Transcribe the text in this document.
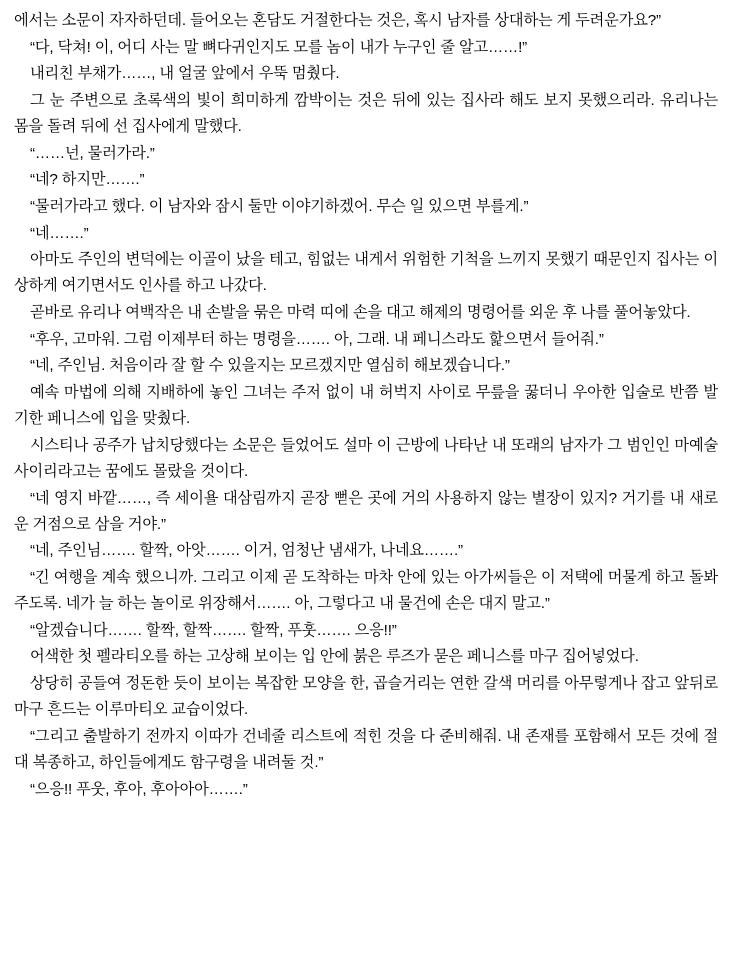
에서는 소문이 자자하던데. 들어오는 혼담도 거절한다는 것은, 혹시 남자를 상대하는 게 두려운가요?”

“다, 닥쳐! 이, 어디 사는 말 뼈다귀인지도 모를 놈이 내가 누구인 줄 알고……!”

내리친 부채가……, 내 얼굴 앞에서 우뚝 멈췄다.

그 눈 주변으로 초록색의 빛이 희미하게 깜박이는 것은 뒤에 있는 집사라 해도 보지 못했으리라. 유리나는 몸을 돌려 뒤에 선 집사에게 말했다.

“……넌, 물러가라.”

“네? 하지만…….”

“물러가라고 했다. 이 남자와 잠시 둘만 이야기하겠어. 무슨 일 있으면 부를게.”

“네…….”

아마도 주인의 변덕에는 이골이 났을 테고, 힘없는 내게서 위험한 기척을 느끼지 못했기 때문인지 집사는 이상하게 여기면서도 인사를 하고 나갔다.

곧바로 유리나 여백작은 내 손발을 묶은 마력 띠에 손을 대고 해제의 명령어를 외운 후 나를 풀어놓았다.

“후우, 고마워. 그럼 이제부터 하는 명령을……. 아, 그래. 내 페니스라도 핥으면서 들어줘.”

“네, 주인님. 처음이라 잘 할 수 있을지는 모르겠지만 열심히 해보겠습니다.”

예속 마법에 의해 지배하에 놓인 그녀는 주저 없이 내 허벅지 사이로 무릎을 꿇더니 우아한 입술로 반쯤 발기한 페니스에 입을 맞췄다.

시스티나 공주가 납치당했다는 소문은 들었어도 설마 이 근방에 나타난 내 또래의 남자가 그 범인인 마예술사이리라고는 꿈에도 몰랐을 것이다.

“네 영지 바깥……, 즉 세이욜 대삼림까지 곧장 뻗은 곳에 거의 사용하지 않는 별장이 있지? 거기를 내 새로운 거점으로 삼을 거야.”

“네, 주인님……. 할짝, 아앗……. 이거, 엄청난 냄새가, 나네요…….”

“긴 여행을 계속 했으니까. 그리고 이제 곧 도착하는 마차 안에 있는 아가씨들은 이 저택에 머물게 하고 돌봐주도록. 네가 늘 하는 놀이로 위장해서……. 아, 그렇다고 내 물건에 손은 대지 말고.”

“알겠습니다……. 할짝, 할짝……. 할짝, 푸훗……. 으응!!”

어색한 첫 펠라티오를 하는 고상해 보이는 입 안에 붉은 루즈가 묻은 페니스를 마구 집어넣었다.

상당히 공들여 정돈한 듯이 보이는 복잡한 모양을 한, 곱슬거리는 연한 갈색 머리를 아무렇게나 잡고 앞뒤로 마구 흔드는 이루마티오 교습이었다.

“그리고 출발하기 전까지 이따가 건네줄 리스트에 적힌 것을 다 준비해줘. 내 존재를 포함해서 모든 것에 절대 복종하고, 하인들에게도 함구령을 내려둘 것.”

“으응!! 푸웃, 후아, 후아아아…….”
